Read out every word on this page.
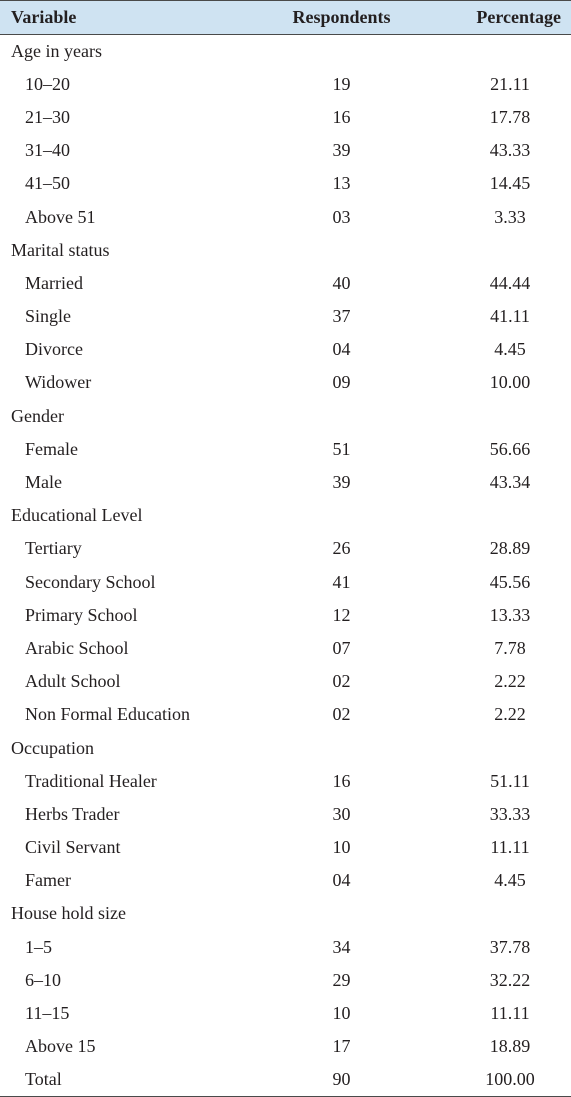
Variable	Respondents	Percentage
Age in years		
10–20	19	21.11
21–30	16	17.78
31–40	39	43.33
41–50	13	14.45
Above 51	03	3.33
Marital status		
Married	40	44.44
Single	37	41.11
Divorce	04	4.45
Widower	09	10.00
Gender		
Female	51	56.66
Male	39	43.34
Educational Level		
Tertiary	26	28.89
Secondary School	41	45.56
Primary School	12	13.33
Arabic School	07	7.78
Adult School	02	2.22
Non Formal Education	02	2.22
Occupation		
Traditional Healer	16	51.11
Herbs Trader	30	33.33
Civil Servant	10	11.11
Famer	04	4.45
House hold size		
1–5	34	37.78
6–10	29	32.22
11–15	10	11.11
Above 15	17	18.89
Total	90	100.00
